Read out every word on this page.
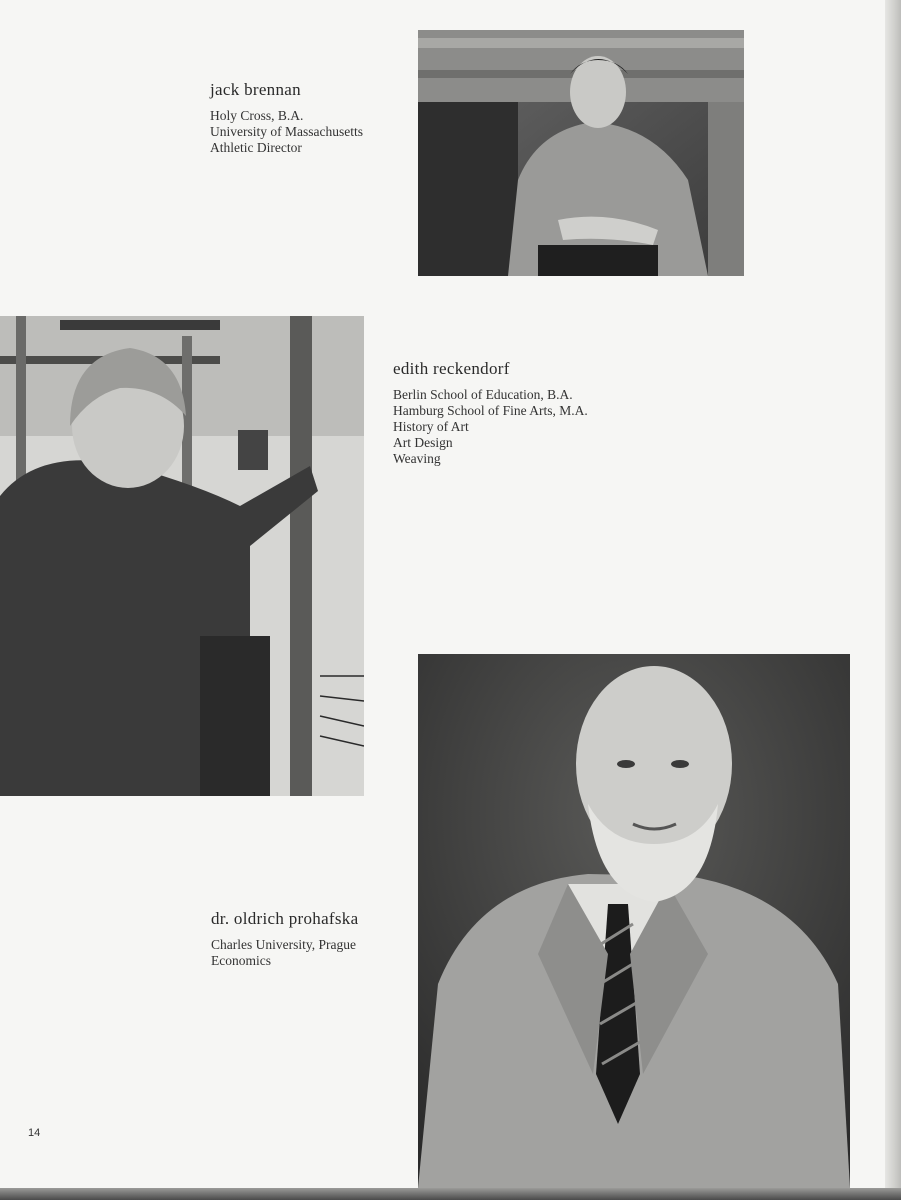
jack brennan
Holy Cross, B.A.
University of Massachusetts
Athletic Director
edith reckendorf
Berlin School of Education, B.A.
Hamburg School of Fine Arts, M.A.
History of Art
Art Design
Weaving
dr. oldrich prohafska
Charles University, Prague
Economics
14
